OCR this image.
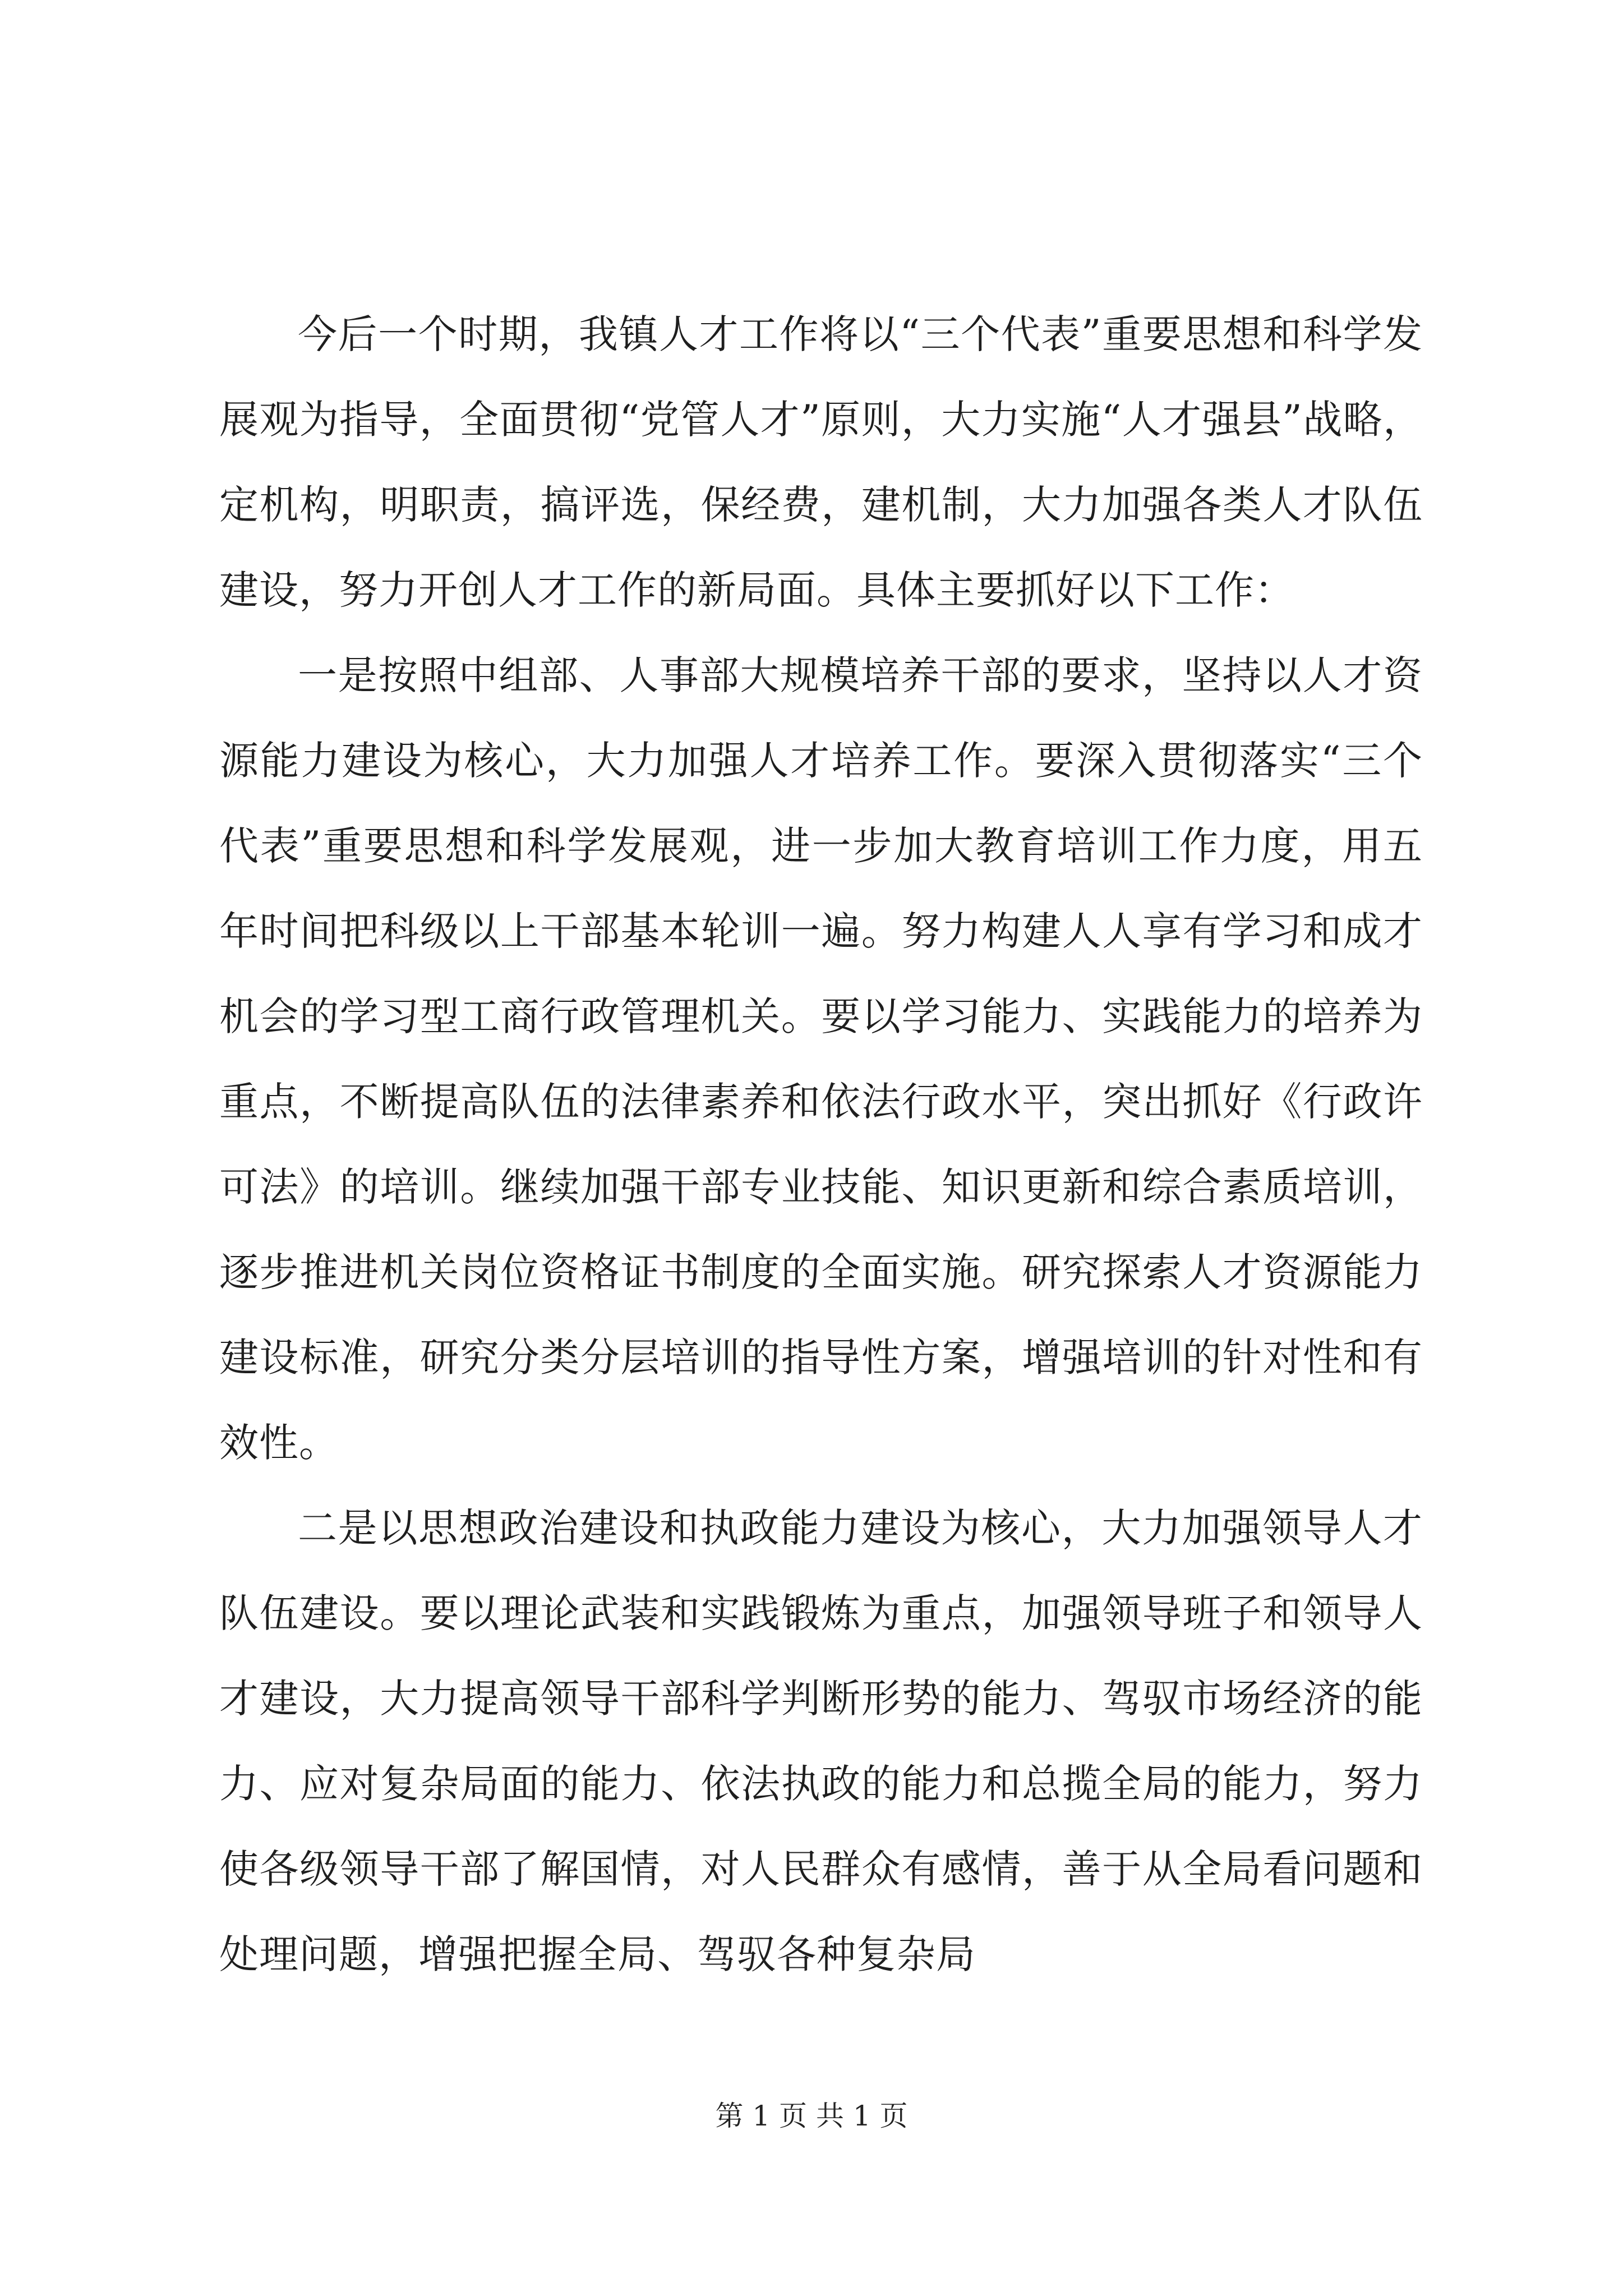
今后一个时期，我镇人才工作将以“三个代表”重要思想和科学发展观为指导，全面贯彻“党管人才”原则，大力实施“人才强县”战略，定机构，明职责，搞评选，保经费，建机制，大力加强各类人才队伍建设，努力开创人才工作的新局面。具体主要抓好以下工作：

一是按照中组部、人事部大规模培养干部的要求，坚持以人才资源能力建设为核心，大力加强人才培养工作。要深入贯彻落实“三个代表”重要思想和科学发展观，进一步加大教育培训工作力度，用五年时间把科级以上干部基本轮训一遍。努力构建人人享有学习和成才机会的学习型工商行政管理机关。要以学习能力、实践能力的培养为重点，不断提高队伍的法律素养和依法行政水平，突出抓好《行政许可法》的培训。继续加强干部专业技能、知识更新和综合素质培训，逐步推进机关岗位资格证书制度的全面实施。研究探索人才资源能力建设标准，研究分类分层培训的指导性方案，增强培训的针对性和有效性。

二是以思想政治建设和执政能力建设为核心，大力加强领导人才队伍建设。要以理论武装和实践锻炼为重点，加强领导班子和领导人才建设，大力提高领导干部科学判断形势的能力、驾驭市场经济的能力、应对复杂局面的能力、依法执政的能力和总揽全局的能力，努力使各级领导干部了解国情，对人民群众有感情，善于从全局看问题和处理问题，增强把握全局、驾驭各种复杂局

第 1 页 共 1 页
